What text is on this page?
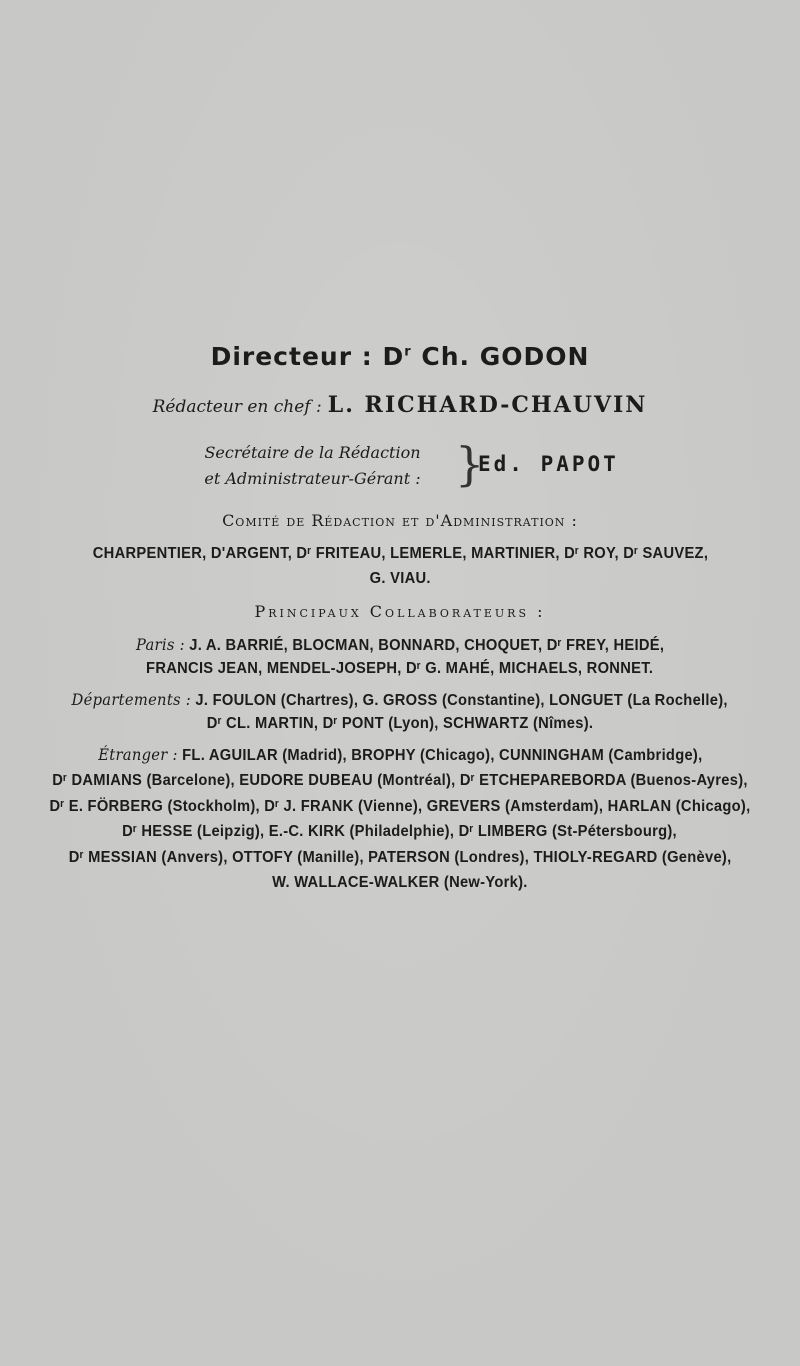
Directeur : $D^r$ Ch. GODON
Rédacteur en chef : L. RICHARD-CHAUVIN
Secrétaire de la Rédaction
et Administrateur-Gérant : }
Ed. PAPOT
Comité de Rédaction et d'Administration :
CHARPENTIER, D'ARGENT, Dʳ FRITEAU, LEMERLE, MARTINIER, Dʳ ROY, Dʳ SAUVEZ,
G. VIAU.
Principaux Collaborateurs :
Paris : J. A. BARRIÉ, BLOCMAN, BONNARD, CHOQUET, Dʳ FREY, HEIDÉ,
FRANCIS JEAN, MENDEL-JOSEPH, Dʳ G. MAHÉ, MICHAELS, RONNET.
Départements : J. FOULON (Chartres), G. GROSS (Constantine), LONGUET (La Rochelle),
Dʳ CL. MARTIN, Dʳ PONT (Lyon), SCHWARTZ (Nîmes).
Étranger : FL. AGUILAR (Madrid), BROPHY (Chicago), CUNNINGHAM (Cambridge),
Dʳ DAMIANS (Barcelone), EUDORE DUBEAU (Montréal), Dʳ ETCHEPAREBORDA (Buenos-Ayres),
Dʳ E. FÖRBERG (Stockholm), Dʳ J. FRANK (Vienne), GREVERS (Amsterdam), HARLAN (Chicago),
Dʳ HESSE (Leipzig), E.-C. KIRK (Philadelphie), Dʳ LIMBERG (St-Pétersbourg),
Dʳ MESSIAN (Anvers), OTTOFY (Manille), PATERSON (Londres), THIOLY-REGARD (Genève),
W. WALLACE-WALKER (New-York).
